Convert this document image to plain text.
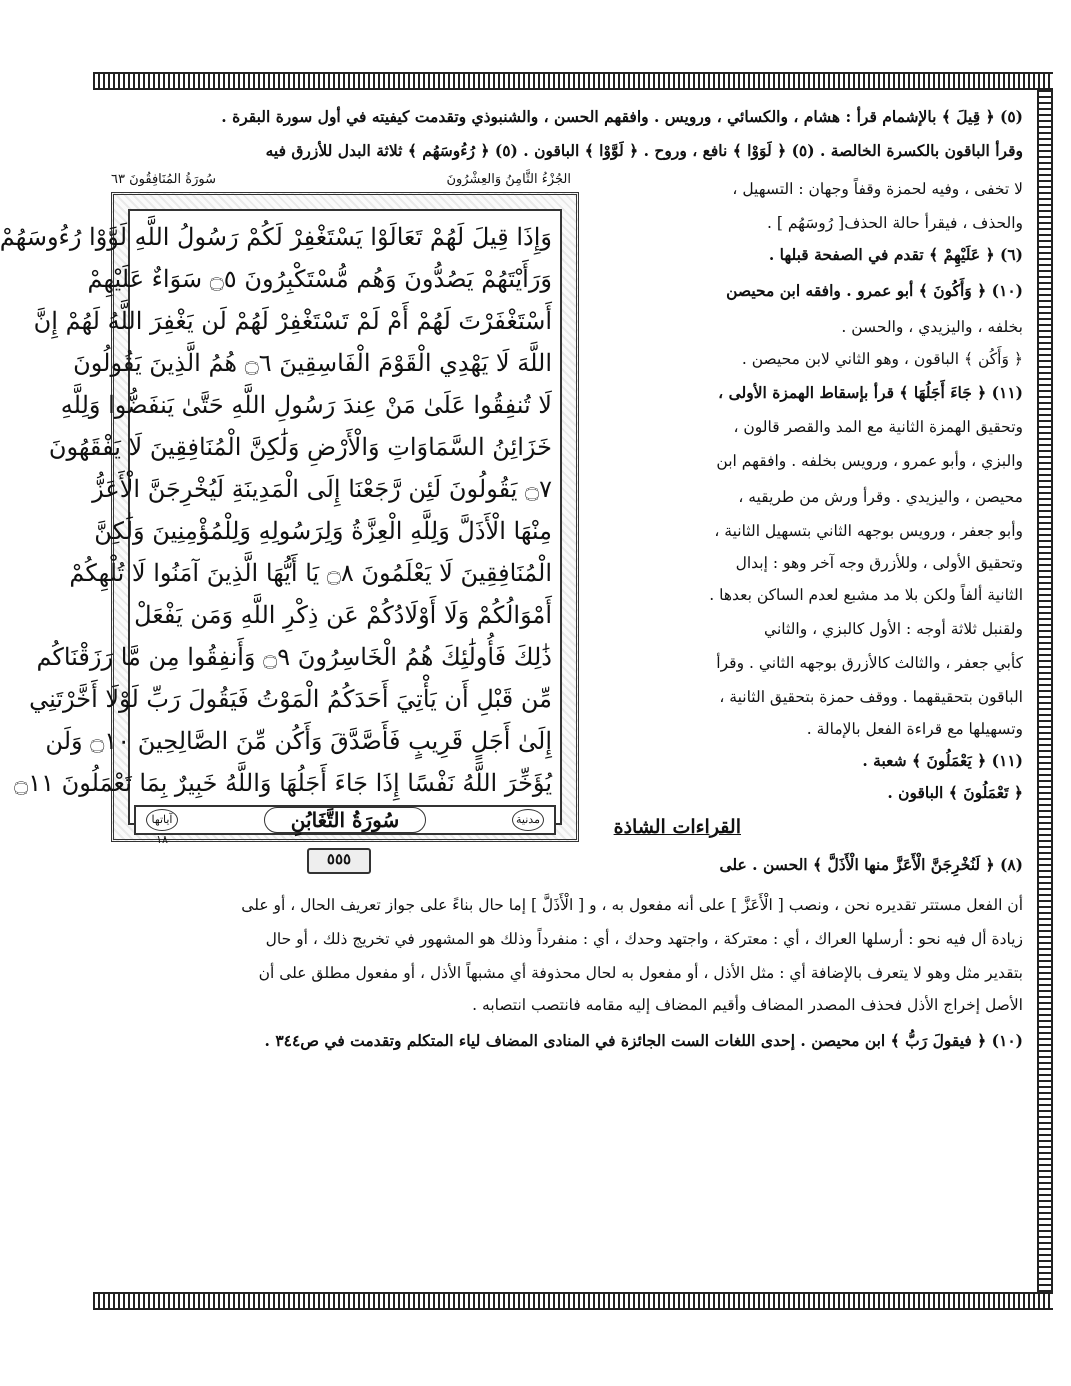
(٥) ﴿ قِيلَ ﴾ بالإشمام قرأ : هشام ، والكسائي ، ورويس . وافقهم الحسن ، والشنبوذي وتقدمت كيفيته في أول سورة البقرة .
وقرأ الباقون بالكسرة الخالصة . (٥) ﴿ لَوَوْا ﴾ نافع ، وروح . ﴿ لَوَّوْا ﴾ الباقون . (٥) ﴿ رُءُوسَهُم ﴾ ثلاثة البدل للأزرق فيه
الجُزْءُ الثَّامِنُ وَالعِشْرُونَ
سُورَةُ المُنَافِقُونَ ٦٣
وَإِذَا قِيلَ لَهُمْ تَعَالَوْا يَسْتَغْفِرْ لَكُمْ رَسُولُ اللَّهِ لَوَّوْا رُءُوسَهُمْ
وَرَأَيْتَهُمْ يَصُدُّونَ وَهُم مُّسْتَكْبِرُونَ ۝٥ سَوَاءٌ عَلَيْهِمْ
أَسْتَغْفَرْتَ لَهُمْ أَمْ لَمْ تَسْتَغْفِرْ لَهُمْ لَن يَغْفِرَ اللَّهُ لَهُمْ إِنَّ
اللَّهَ لَا يَهْدِي الْقَوْمَ الْفَاسِقِينَ ۝٦ هُمُ الَّذِينَ يَقُولُونَ
لَا تُنفِقُوا عَلَىٰ مَنْ عِندَ رَسُولِ اللَّهِ حَتَّىٰ يَنفَضُّوا وَلِلَّهِ
خَزَائِنُ السَّمَاوَاتِ وَالْأَرْضِ وَلَٰكِنَّ الْمُنَافِقِينَ لَا يَفْقَهُونَ
۝٧ يَقُولُونَ لَئِن رَّجَعْنَا إِلَى الْمَدِينَةِ لَيُخْرِجَنَّ الْأَعَزُّ
مِنْهَا الْأَذَلَّ وَلِلَّهِ الْعِزَّةُ وَلِرَسُولِهِ وَلِلْمُؤْمِنِينَ وَلَٰكِنَّ
الْمُنَافِقِينَ لَا يَعْلَمُونَ ۝٨ يَا أَيُّهَا الَّذِينَ آمَنُوا لَا تُلْهِكُمْ
أَمْوَالُكُمْ وَلَا أَوْلَادُكُمْ عَن ذِكْرِ اللَّهِ وَمَن يَفْعَلْ
ذَٰلِكَ فَأُولَٰئِكَ هُمُ الْخَاسِرُونَ ۝٩ وَأَنفِقُوا مِن مَّا رَزَقْنَاكُم
مِّن قَبْلِ أَن يَأْتِيَ أَحَدَكُمُ الْمَوْتُ فَيَقُولَ رَبِّ لَوْلَا أَخَّرْتَنِي
إِلَىٰ أَجَلٍ قَرِيبٍ فَأَصَّدَّقَ وَأَكُن مِّنَ الصَّالِحِينَ ۝١٠ وَلَن
يُؤَخِّرَ اللَّهُ نَفْسًا إِذَا جَاءَ أَجَلُهَا وَاللَّهُ خَبِيرٌ بِمَا تَعْمَلُونَ ۝١١
مدنية
سُورَةُ التَّغَابُنِ
آياتها ١٨
٥٥٥
لا تخفى ، وفيه لحمزة وقفاً وجهان : التسهيل ،
والحذف ، فيقرأ حالة الحذف[ رُوسَهُم ] .
(٦) ﴿ عَلَيْهِمْ ﴾ تقدم في الصفحة قبلها .
(١٠) ﴿ وَأَكُونَ ﴾ أبو عمرو . وافقه ابن محيصن
بخلفه ، واليزيدي ، والحسن .
﴿ وَأَكُن ﴾ الباقون ، وهو الثاني لابن محيصن .
(١١) ﴿ جَاءَ أَجَلُهَا ﴾ قرأ بإسقاط الهمزة الأولى ،
وتحقيق الهمزة الثانية مع المد والقصر قالون ،
والبزي ، وأبو عمرو ، ورويس بخلفه . وافقهم ابن
محيصن ، واليزيدي . وقرأ ورش من طريقيه ،
وأبو جعفر ، ورويس بوجهه الثاني بتسهيل الثانية ،
وتحقيق الأولى ، وللأزرق وجه آخر وهو : إبدال
الثانية ألفاً ولكن بلا مد مشبع لعدم الساكن بعدها .
ولقنبل ثلاثة أوجه : الأول كالبزي ، والثاني
كأبي جعفر ، والثالث كالأزرق بوجهه الثاني . وقرأ
الباقون بتحقيقهما . ووقف حمزة بتحقيق الثانية ،
وتسهيلها مع قراءة الفعل بالإمالة .
(١١) ﴿ يَعْمَلُونَ ﴾ شعبة .
﴿ تَعْمَلُونَ ﴾ الباقون .
القراءات الشاذة
(٨) ﴿ لَنُخْرِجَنَّ الْأَعَزَّ منها الْأَذَلَّ ﴾ الحسن . على
أن الفعل مستتر تقديره نحن ، ونصب [ الْأَعَزَّ ] على أنه مفعول به ، و [ الْأَذَلَّ ] إما حال بناءً على جواز تعريف الحال ، أو على
زيادة أل فيه نحو : أرسلها العراك ، أي : معتركة ، واجتهد وحدك ، أي : منفرداً وذلك هو المشهور في تخريج ذلك ، أو حال
بتقدير مثل وهو لا يتعرف بالإضافة أي : مثل الأذل ، أو مفعول به لحال محذوفة أي مشبهاً الأذل ، أو مفعول مطلق على أن
الأصل إخراج الأذل فحذف المصدر المضاف وأقيم المضاف إليه مقامه فانتصب انتصابه .
(١٠) ﴿ فيقولَ رَبُّ ﴾ ابن محيصن . إحدى اللغات الست الجائزة في المنادى المضاف لياء المتكلم وتقدمت في ص٣٤٤ .
